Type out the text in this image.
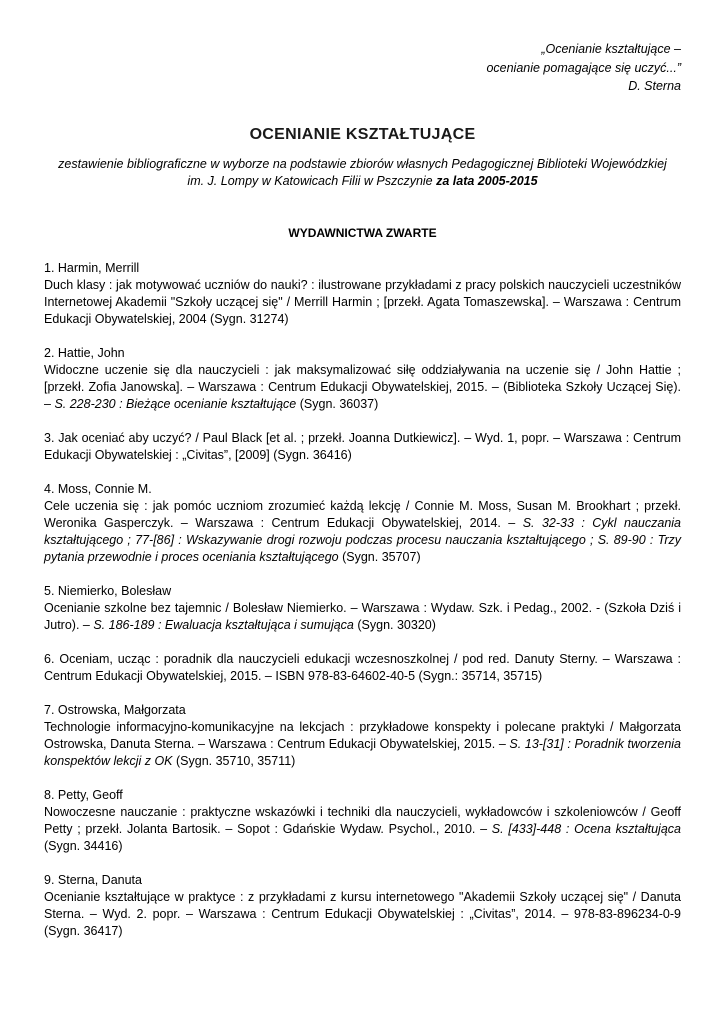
„Ocenianie kształtujące –
ocenianie pomagające się uczyć...”
D. Sterna
OCENIANIE KSZTAŁTUJĄCE
zestawienie bibliograficzne w wyborze na podstawie zbiorów własnych Pedagogicznej Biblioteki Wojewódzkiej im. J. Lompy w Katowicach Filii w Pszczynie za lata 2005-2015
WYDAWNICTWA ZWARTE
1. Harmin, Merrill
Duch klasy : jak motywować uczniów do nauki? : ilustrowane przykładami z pracy polskich nauczycieli uczestników Internetowej Akademii "Szkoły uczącej się" / Merrill Harmin ; [przekł. Agata Tomaszewska]. – Warszawa : Centrum Edukacji Obywatelskiej, 2004 (Sygn. 31274)
2. Hattie, John
Widoczne uczenie się dla nauczycieli : jak maksymalizować siłę oddziaływania na uczenie się / John Hattie ; [przekł. Zofia Janowska]. – Warszawa : Centrum Edukacji Obywatelskiej, 2015. – (Biblioteka Szkoły Uczącej Się). – S. 228-230 : Bieżące ocenianie kształtujące (Sygn. 36037)
3. Jak oceniać aby uczyć? / Paul Black [et al. ; przekł. Joanna Dutkiewicz]. – Wyd. 1, popr. – Warszawa : Centrum Edukacji Obywatelskiej : „Civitas”, [2009] (Sygn. 36416)
4. Moss, Connie M.
Cele uczenia się : jak pomóc uczniom zrozumieć każdą lekcję / Connie M. Moss, Susan M. Brookhart ; przekł. Weronika Gasperczyk. – Warszawa : Centrum Edukacji Obywatelskiej, 2014. – S. 32-33 : Cykl nauczania kształtującego ; 77-[86] : Wskazywanie drogi rozwoju podczas procesu nauczania kształtującego ; S. 89-90 : Trzy pytania przewodnie i proces oceniania kształtującego (Sygn. 35707)
5. Niemierko, Bolesław
Ocenianie szkolne bez tajemnic / Bolesław Niemierko. – Warszawa : Wydaw. Szk. i Pedag., 2002. - (Szkoła Dziś i Jutro). – S. 186-189 : Ewaluacja kształtująca i sumująca (Sygn. 30320)
6. Oceniam, ucząc : poradnik dla nauczycieli edukacji wczesnoszkolnej / pod red. Danuty Sterny. – Warszawa : Centrum Edukacji Obywatelskiej, 2015. – ISBN 978-83-64602-40-5 (Sygn.: 35714, 35715)
7. Ostrowska, Małgorzata
Technologie informacyjno-komunikacyjne na lekcjach : przykładowe konspekty i polecane praktyki / Małgorzata Ostrowska, Danuta Sterna. – Warszawa : Centrum Edukacji Obywatelskiej, 2015. – S. 13-[31] : Poradnik tworzenia konspektów lekcji z OK (Sygn. 35710, 35711)
8. Petty, Geoff
Nowoczesne nauczanie : praktyczne wskazówki i techniki dla nauczycieli, wykładowców i szkoleniowców / Geoff Petty ; przekł. Jolanta Bartosik. – Sopot : Gdańskie Wydaw. Psychol., 2010. – S. [433]-448 : Ocena kształtująca (Sygn. 34416)
9. Sterna, Danuta
Ocenianie kształtujące w praktyce : z przykładami z kursu internetowego "Akademii Szkoły uczącej się" / Danuta Sterna. – Wyd. 2. popr. – Warszawa : Centrum Edukacji Obywatelskiej : „Civitas”, 2014. – 978-83-896234-0-9 (Sygn. 36417)
